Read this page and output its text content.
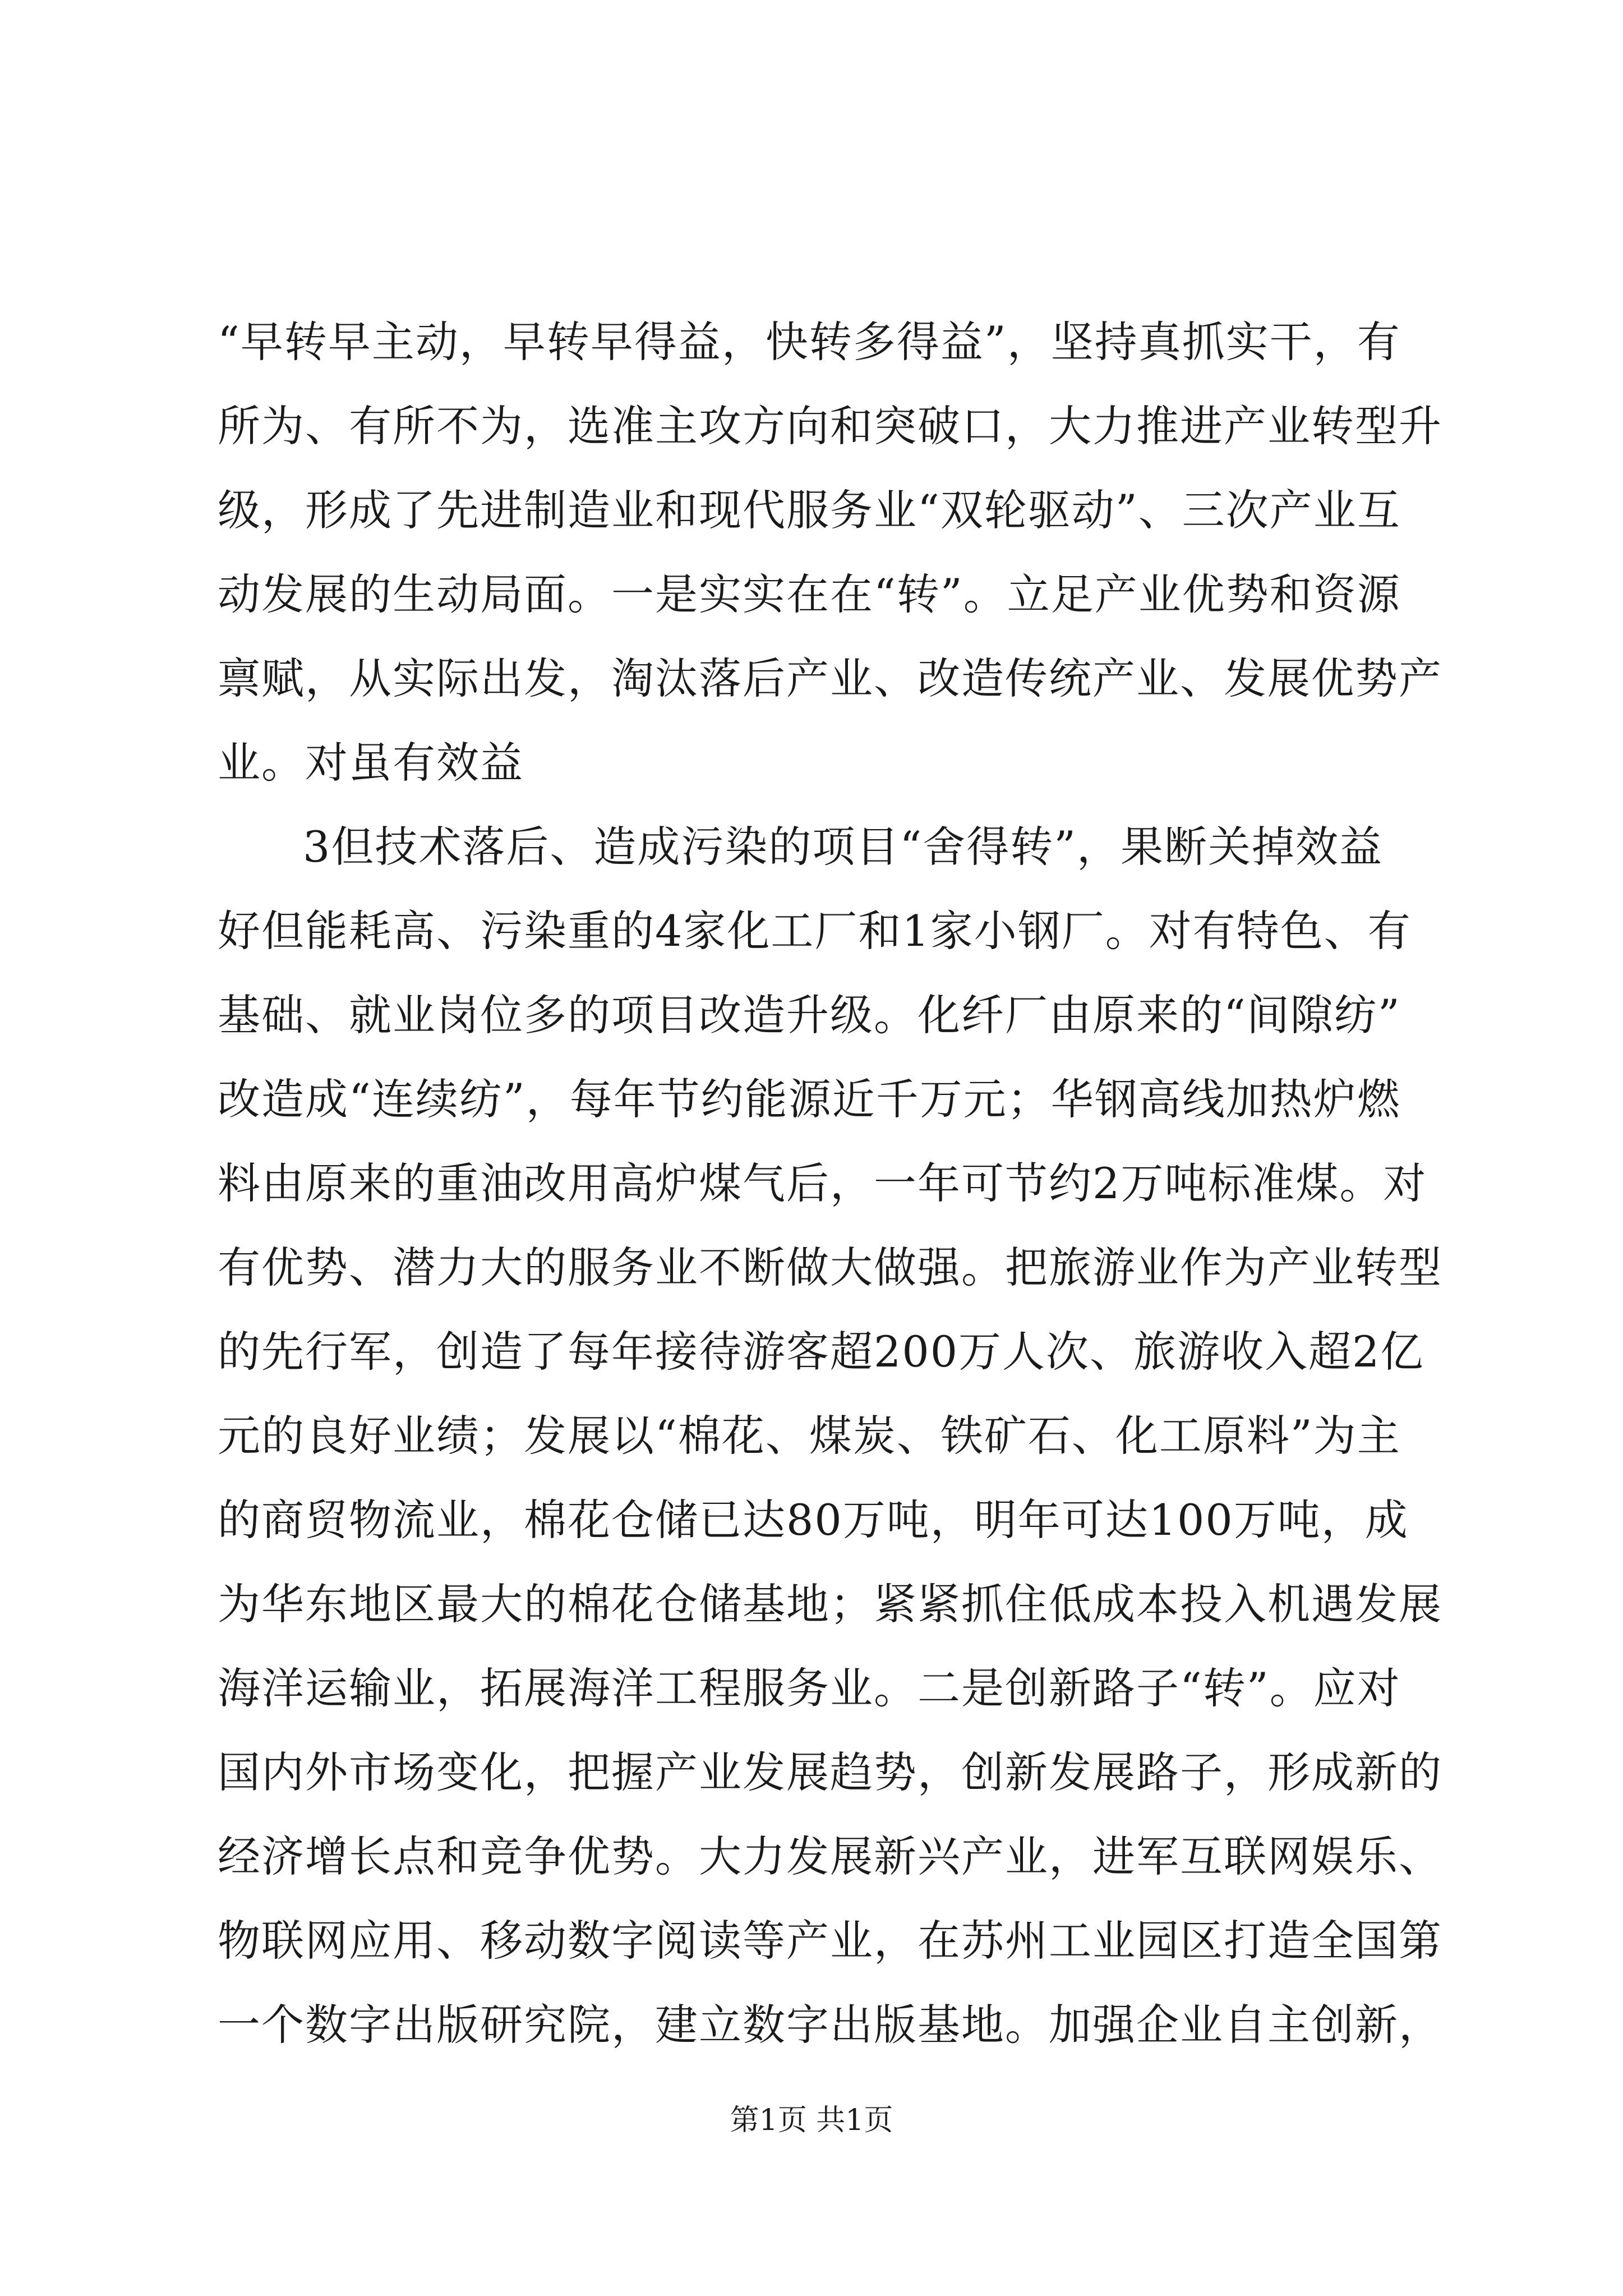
“早转早主动，早转早得益，快转多得益”，坚持真抓实干，有
所为、有所不为，选准主攻方向和突破口，大力推进产业转型升
级，形成了先进制造业和现代服务业“双轮驱动”、三次产业互
动发展的生动局面。一是实实在在“转”。立足产业优势和资源
禀赋，从实际出发，淘汰落后产业、改造传统产业、发展优势产
业。对虽有效益
3但技术落后、造成污染的项目“舍得转”，果断关掉效益
好但能耗高、污染重的4家化工厂和1家小钢厂。对有特色、有
基础、就业岗位多的项目改造升级。化纤厂由原来的“间隙纺”
改造成“连续纺”，每年节约能源近千万元；华钢高线加热炉燃
料由原来的重油改用高炉煤气后，一年可节约2万吨标准煤。对
有优势、潜力大的服务业不断做大做强。把旅游业作为产业转型
的先行军，创造了每年接待游客超200万人次、旅游收入超2亿
元的良好业绩；发展以“棉花、煤炭、铁矿石、化工原料”为主
的商贸物流业，棉花仓储已达80万吨，明年可达100万吨，成
为华东地区最大的棉花仓储基地；紧紧抓住低成本投入机遇发展
海洋运输业，拓展海洋工程服务业。二是创新路子“转”。应对
国内外市场变化，把握产业发展趋势，创新发展路子，形成新的
经济增长点和竞争优势。大力发展新兴产业，进军互联网娱乐、
物联网应用、移动数字阅读等产业，在苏州工业园区打造全国第
一个数字出版研究院，建立数字出版基地。加强企业自主创新，
第1页 共1页
